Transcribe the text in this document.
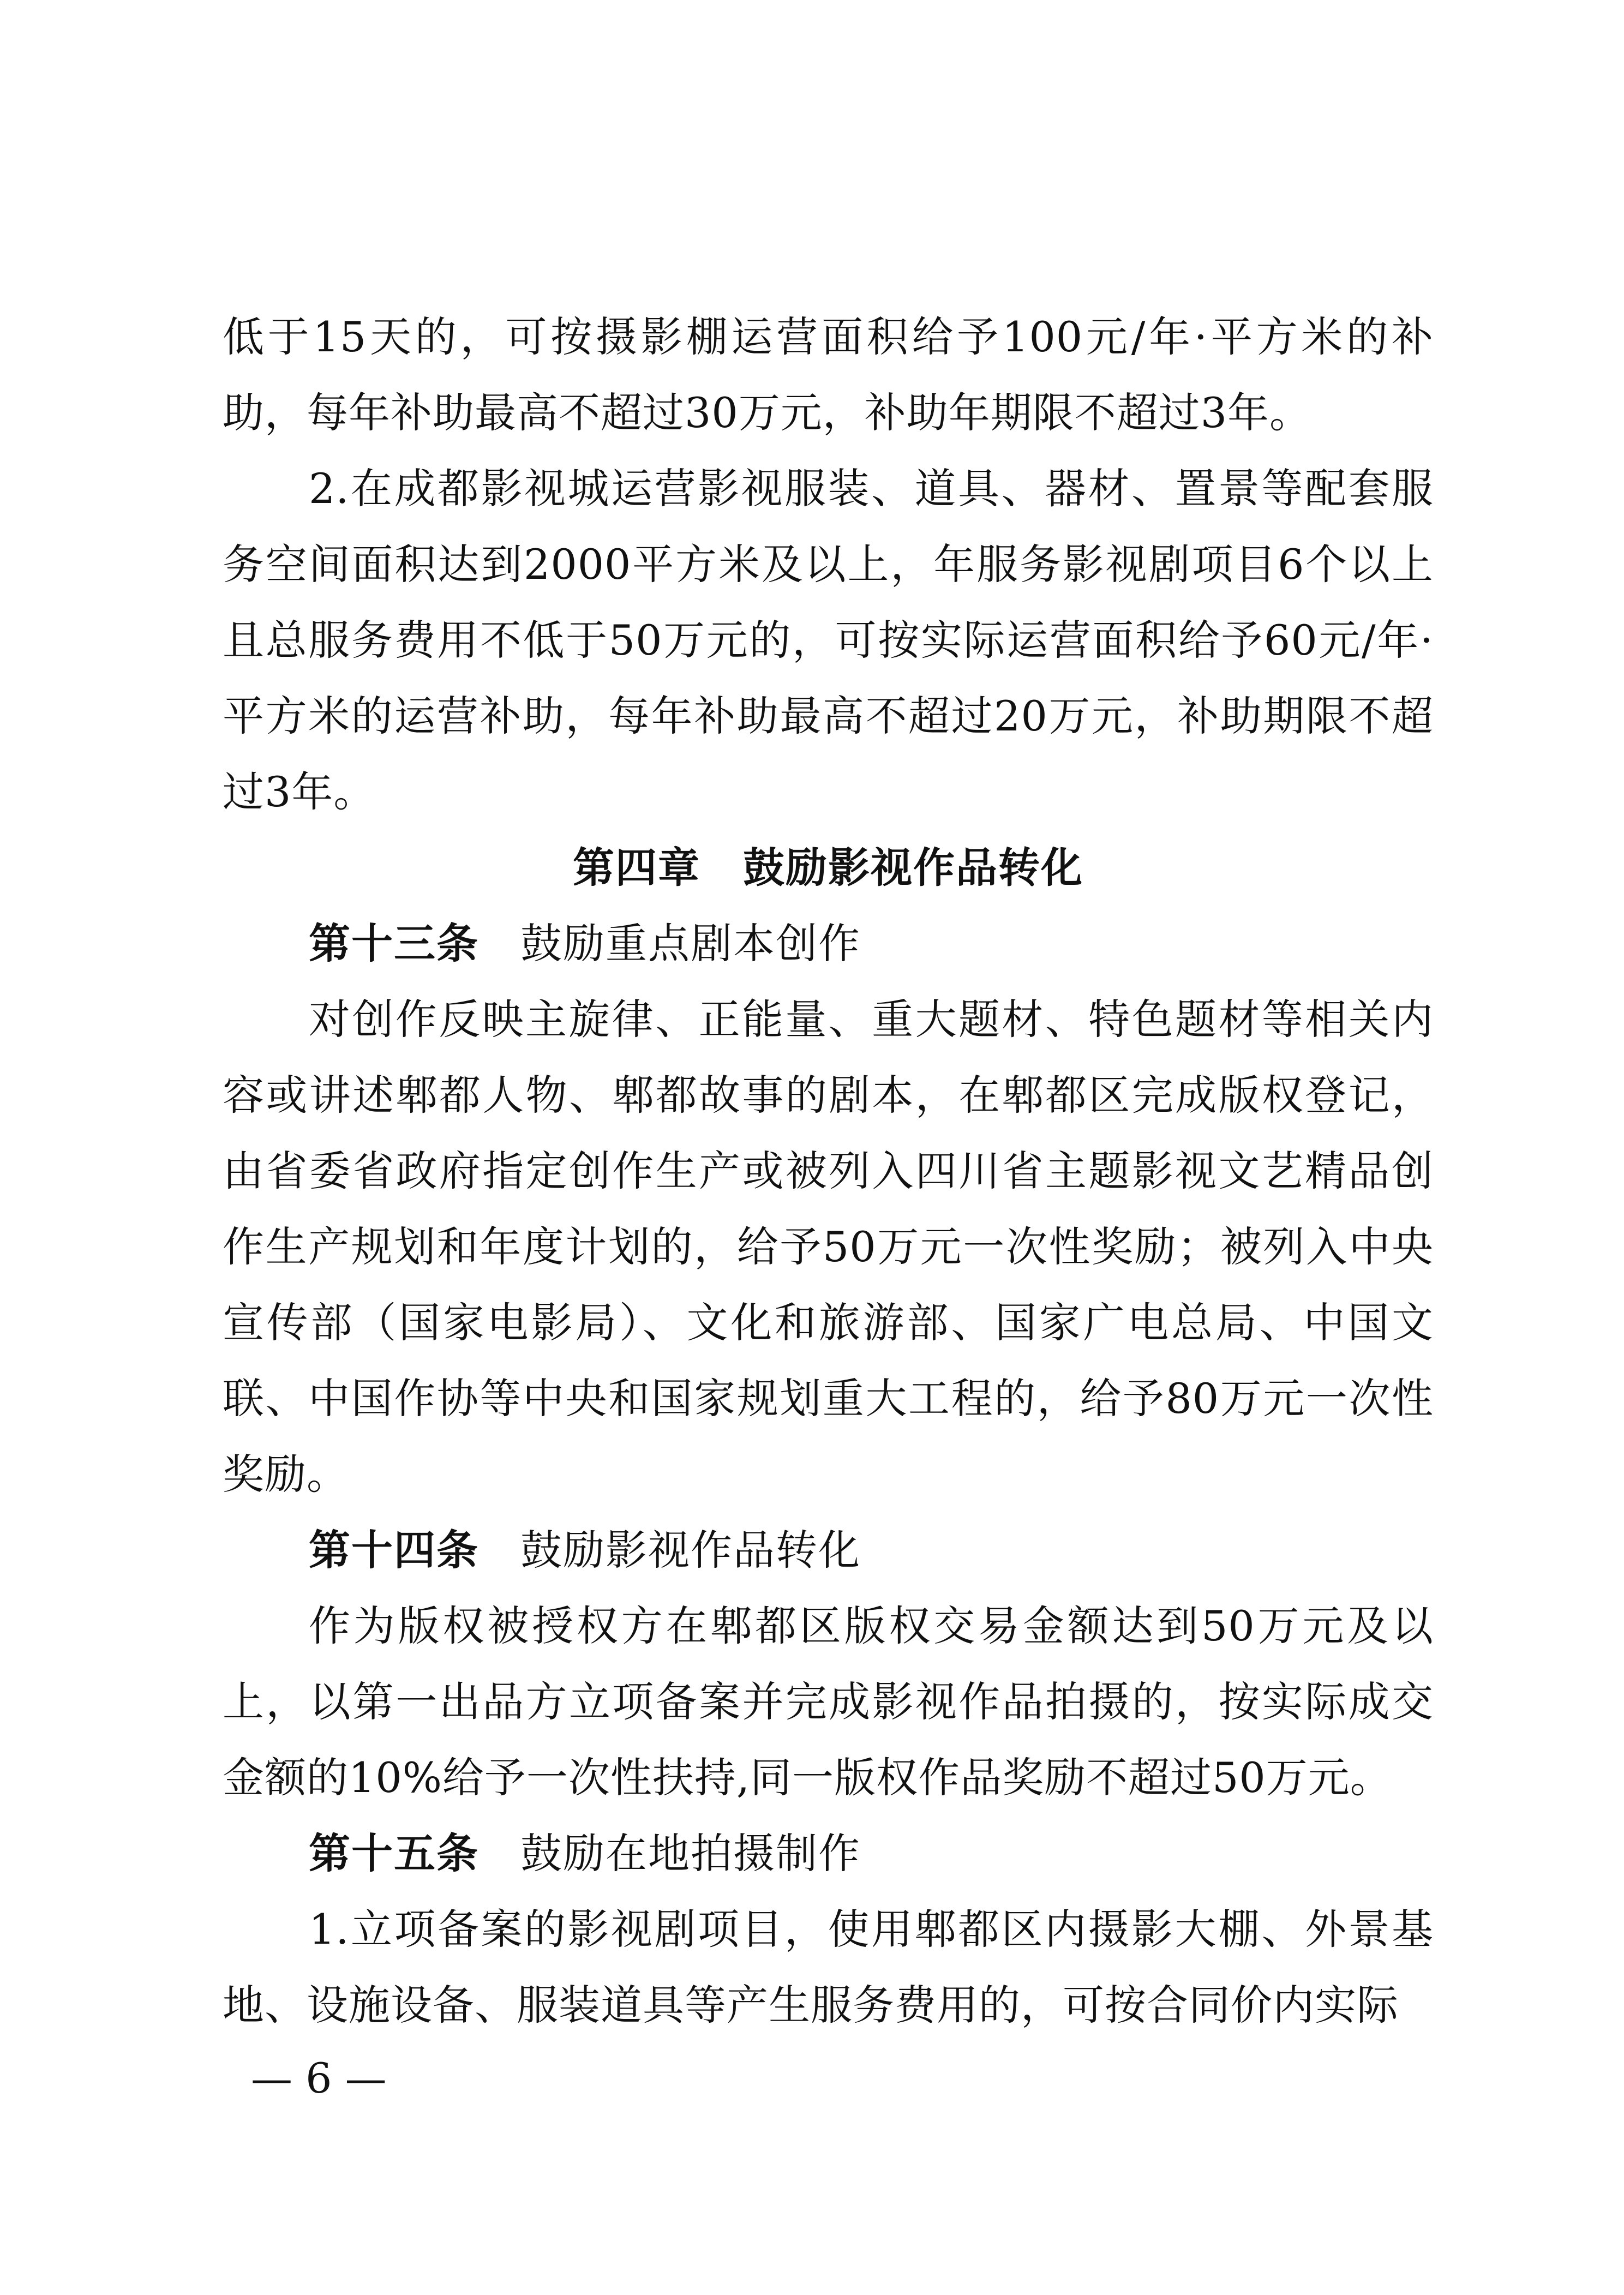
低于15天的，可按摄影棚运营面积给予100元/年·平方米的补助，每年补助最高不超过30万元，补助年期限不超过3年。

2.在成都影视城运营影视服装、道具、器材、置景等配套服务空间面积达到2000平方米及以上，年服务影视剧项目6个以上且总服务费用不低于50万元的，可按实际运营面积给予60元/年·平方米的运营补助，每年补助最高不超过20万元，补助期限不超过3年。

第四章　鼓励影视作品转化

第十三条 鼓励重点剧本创作

对创作反映主旋律、正能量、重大题材、特色题材等相关内容或讲述郫都人物、郫都故事的剧本，在郫都区完成版权登记，由省委省政府指定创作生产或被列入四川省主题影视文艺精品创作生产规划和年度计划的，给予50万元一次性奖励；被列入中央宣传部（国家电影局）、文化和旅游部、国家广电总局、中国文联、中国作协等中央和国家规划重大工程的，给予80万元一次性奖励。

第十四条 鼓励影视作品转化

作为版权被授权方在郫都区版权交易金额达到50万元及以上，以第一出品方立项备案并完成影视作品拍摄的，按实际成交金额的10%给予一次性扶持,同一版权作品奖励不超过50万元。

第十五条 鼓励在地拍摄制作

1.立项备案的影视剧项目，使用郫都区内摄影大棚、外景基地、设施设备、服装道具等产生服务费用的，可按合同价内实际

— 6 —
